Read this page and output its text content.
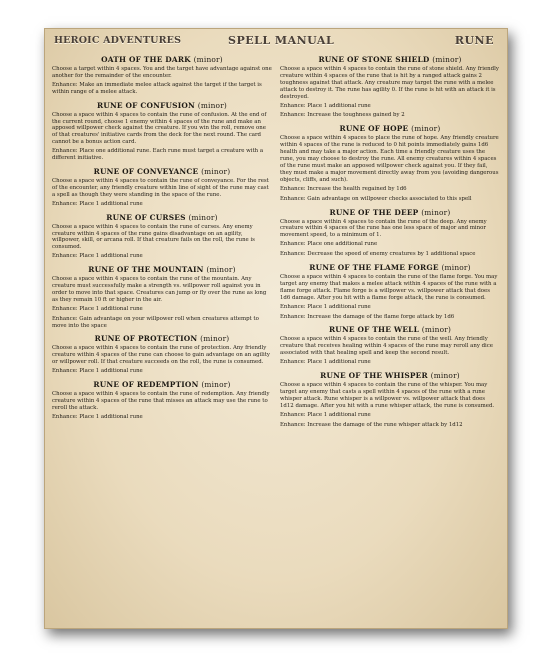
HEROIC ADVENTURES	SPELL MANUAL	RUNE
OATH OF THE DARK (minor)

Choose a target within 4 spaces. You and the target have advantage against one another for the remainder of the encounter.

Enhance: Make an immediate melee attack against the target if the target is within range of a melee attack.

RUNE OF CONFUSION (minor)

Choose a space within 4 spaces to contain the rune of confusion. At the end of the current round, choose 1 enemy within 4 spaces of the rune and make an apposed willpower check against the creature. If you win the roll, remove one of that creatures' initiative cards from the deck for the next round. The card cannot be a bonus action card.

Enhance: Place one additional rune. Each rune must target a creature with a different initiative.

RUNE OF CONVEYANCE (minor)

Choose a space within 4 spaces to contain the rune of conveyance. For the rest of the encounter, any friendly creature within line of sight of the rune may cast a spell as though they were standing in the space of the rune.

Enhance: Place 1 additional rune

RUNE OF CURSES (minor)

Choose a space within 4 spaces to contain the rune of curses. Any enemy creature within 4 spaces of the rune gains disadvantage on an agility, willpower, skill, or arcana roll. If that creature fails on the roll, the rune is consumed.

Enhance: Place 1 additional rune

RUNE OF THE MOUNTAIN (minor)

Choose a space within 4 spaces to contain the rune of the mountain. Any creature must successfully make a strength vs. willpower roll against you in order to move into that space. Creatures can jump or fly over the rune as long as they remain 10 ft or higher in the air.

Enhance: Place 1 additional rune

Enhance: Gain advantage on your willpower roll when creatures attempt to move into the space

RUNE OF PROTECTION (minor)

Choose a space within 4 spaces to contain the rune of protection. Any friendly creature within 4 spaces of the rune can choose to gain advantage on an agility or willpower roll. If that creature succeeds on the roll, the rune is consumed.

Enhance: Place 1 additional rune

RUNE OF REDEMPTION (minor)

Choose a space within 4 spaces to contain the rune of redemption. Any friendly creature within 4 spaces of the rune that misses an attack may use the rune to reroll the attack.

Enhance: Place 1 additional rune

RUNE OF STONE SHIELD (minor)

Choose a space within 4 spaces to contain the rune of stone shield. Any friendly creature within 4 spaces of the rune that is hit by a ranged attack gains 2 toughness against that attack. Any creature may target the rune with a melee attack to destroy it. The rune has agility 0. If the rune is hit with an attack it is destroyed.

Enhance: Place 1 additional rune

Enhance: Increase the toughness gained by 2

RUNE OF HOPE (minor)

Choose a space within 4 spaces to place the rune of hope. Any friendly creature within 4 spaces of the rune is reduced to 0 hit points immediately gains 1d6 health and may take a major action. Each time a friendly creature uses the rune, you may choose to destroy the rune. All enemy creatures within 4 spaces of the rune must make an apposed willpower check against you. If they fail, they must make a major movement directly away from you (avoiding dangerous objects, cliffs, and such).

Enhance: Increase the health regained by 1d6

Enhance: Gain advantage on willpower checks associated to this spell

RUNE OF THE DEEP (minor)

Choose a space within 4 spaces to contain the rune of the deep. Any enemy creature within 4 spaces of the rune has one less space of major and minor movement speed, to a minimum of 1.

Enhance: Place one additional rune

Enhance: Decrease the speed of enemy creatures by 1 additional space

RUNE OF THE FLAME FORGE (minor)

Choose a space within 4 spaces to contain the rune of the flame forge. You may target any enemy that makes a melee attack within 4 spaces of the rune with a flame forge attack. Flame forge is a willpower vs. willpower attack that does 1d6 damage. After you hit with a flame forge attack, the rune is consumed.

Enhance: Place 1 additional rune

Enhance: Increase the damage of the flame forge attack by 1d6

RUNE OF THE WELL (minor)

Choose a space within 4 spaces to contain the rune of the well. Any friendly creature that receives healing within 4 spaces of the rune may reroll any dice associated with that healing spell and keep the second result.

Enhance: Place 1 additional rune

RUNE OF THE WHISPER (minor)

Choose a space within 4 spaces to contain the rune of the whisper. You may target any enemy that casts a spell within 4 spaces of the rune with a rune whisper attack. Rune whisper is a willpower vs. willpower attack that does 1d12 damage. After you hit with a rune whisper attack, the rune is consumed.

Enhance: Place 1 additional rune

Enhance: Increase the damage of the rune whisper attack by 1d12
